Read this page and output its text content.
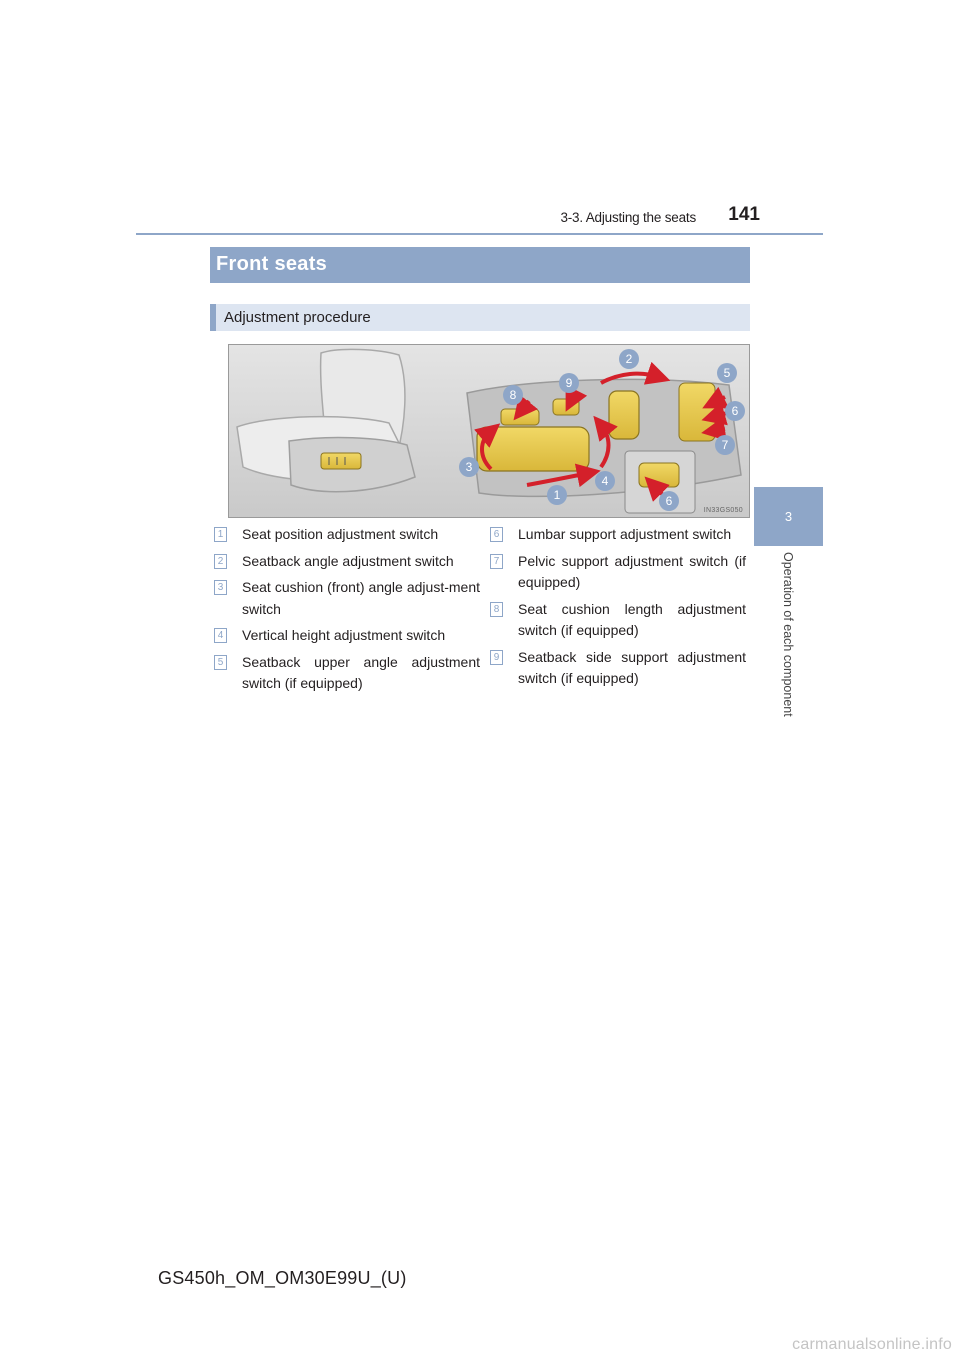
3-3. Adjusting the seats 141
3
Operation of each component
Front seats
Adjustment procedure
1
2
3
4
5
6
7
8
9
6
IN33GS050
1 Seat position adjustment switch
2 Seatback angle adjustment switch
3 Seat cushion (front) angle adjust-ment switch
4 Vertical height adjustment switch
5 Seatback upper angle adjustment switch (if equipped)
6 Lumbar support adjustment switch
7 Pelvic support adjustment switch (if equipped)
8 Seat cushion length adjustment switch (if equipped)
9 Seatback side support adjustment switch (if equipped)
GS450h_OM_OM30E99U_(U)
carmanualsonline.info
